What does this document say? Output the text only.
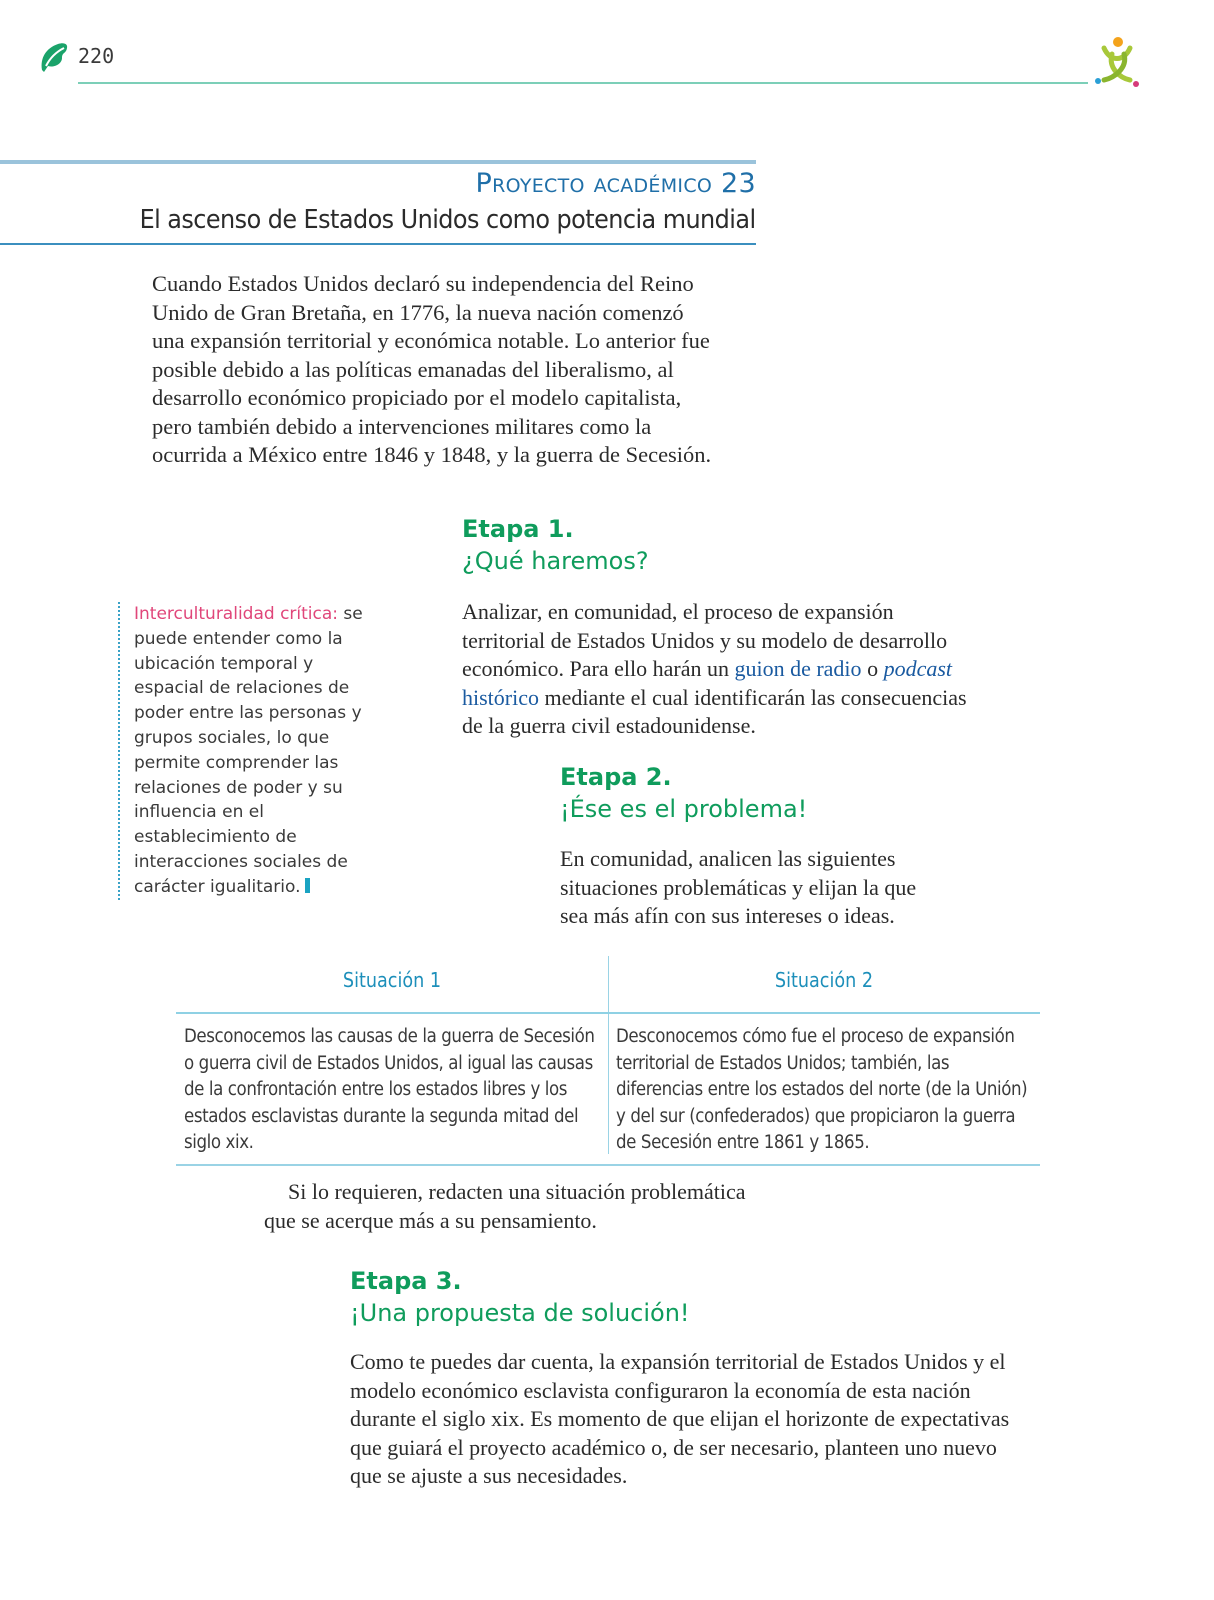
220
Proyecto académico 23
El ascenso de Estados Unidos como potencia mundial

Cuando Estados Unidos declaró su independencia del Reino Unido de Gran Bretaña, en 1776, la nueva nación comenzó una expansión territorial y económica notable. Lo anterior fue posible debido a las políticas emanadas del liberalismo, al desarrollo económico propiciado por el modelo capitalista, pero también debido a intervenciones militares como la ocurrida a México entre 1846 y 1848, y la guerra de Secesión.

Etapa 1.
¿Qué haremos?
Analizar, en comunidad, el proceso de expansión territorial de Estados Unidos y su modelo de desarrollo económico. Para ello harán un guion de radio o podcast histórico mediante el cual identificarán las consecuencias de la guerra civil estadounidense.
Interculturalidad crítica: se puede entender como la ubicación temporal y espacial de relaciones de poder entre las personas y grupos sociales, lo que permite comprender las relaciones de poder y su influencia en el establecimiento de interacciones sociales de carácter igualitario.
Etapa 2.
¡Ése es el problema!
En comunidad, analicen las siguientes situaciones problemáticas y elijan la que sea más afín con sus intereses o ideas.
Situación 1	Situación 2
Desconocemos las causas de la guerra de Secesión o guerra civil de Estados Unidos, al igual las causas de la confrontación entre los estados libres y los estados esclavistas durante la segunda mitad del siglo xix.
Desconocemos cómo fue el proceso de expansión territorial de Estados Unidos; también, las diferencias entre los estados del norte (de la Unión) y del sur (confederados) que propiciaron la guerra de Secesión entre 1861 y 1865.
Si lo requieren, redacten una situación problemática que se acerque más a su pensamiento.
Etapa 3.
¡Una propuesta de solución!
Como te puedes dar cuenta, la expansión territorial de Estados Unidos y el modelo económico esclavista configuraron la economía de esta nación durante el siglo xix. Es momento de que elijan el horizonte de expectativas que guiará el proyecto académico o, de ser necesario, planteen uno nuevo que se ajuste a sus necesidades.
